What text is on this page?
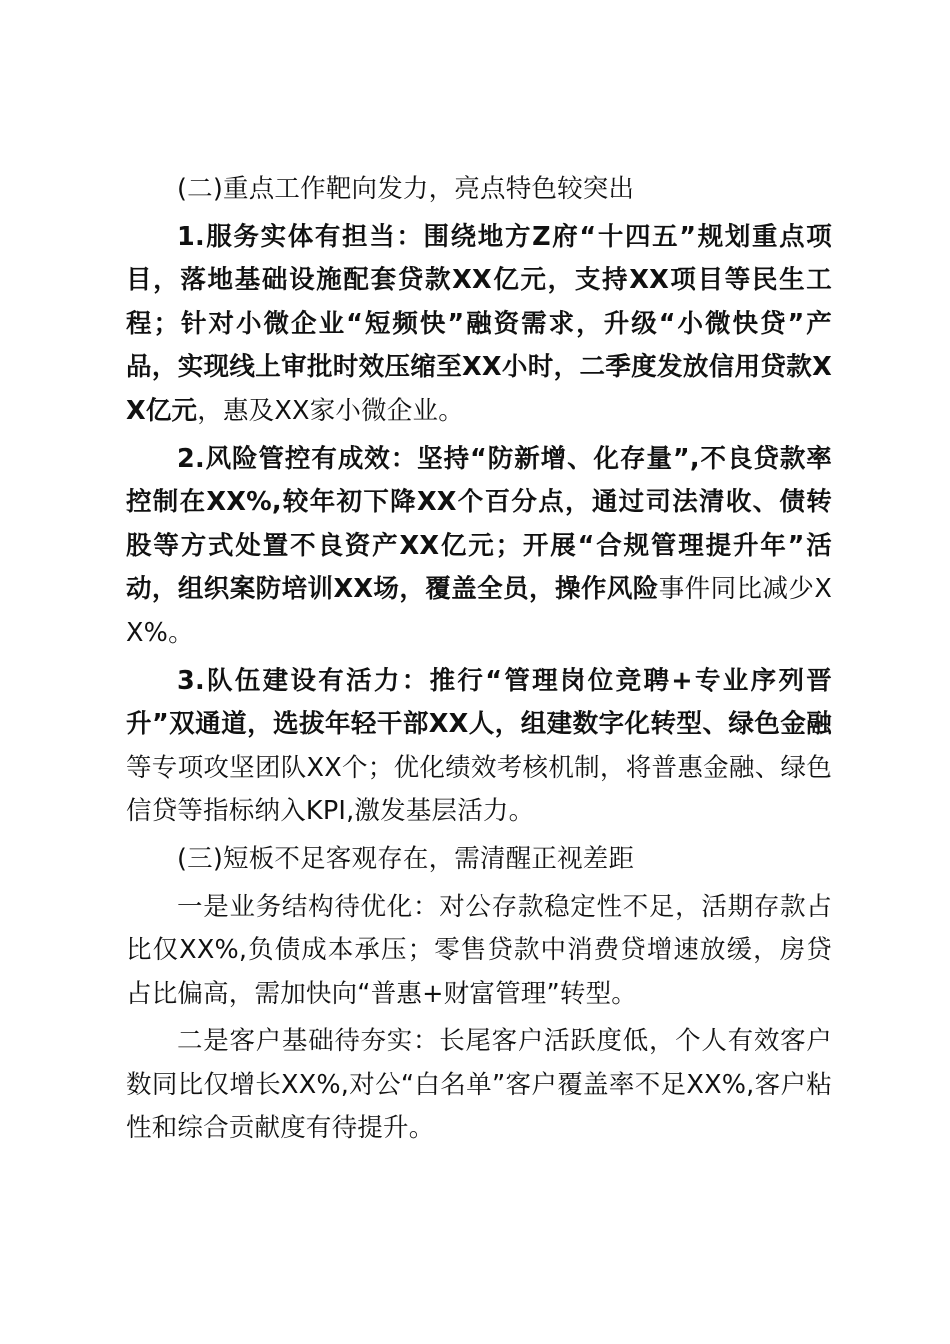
(二)重点工作靶向发力，亮点特色较突出

1.服务实体有担当：围绕地方Z府“十四五”规划重点项目，落地基础设施配套贷款XX亿元，支持XX项目等民生工程；针对小微企业“短频快”融资需求，升级“小微快贷”产品，实现线上审批时效压缩至XX小时，二季度发放信用贷款XX亿元，惠及XX家小微企业。

2.风险管控有成效：坚持“防新增、化存量”,不良贷款率控制在XX%,较年初下降XX个百分点，通过司法清收、债转股等方式处置不良资产XX亿元；开展“合规管理提升年”活动，组织案防培训XX场，覆盖全员，操作风险事件同比减少XX%。

3.队伍建设有活力：推行“管理岗位竞聘+专业序列晋升”双通道，选拔年轻干部XX人，组建数字化转型、绿色金融等专项攻坚团队XX个；优化绩效考核机制，将普惠金融、绿色信贷等指标纳入KPI,激发基层活力。

(三)短板不足客观存在，需清醒正视差距

一是业务结构待优化：对公存款稳定性不足，活期存款占比仅XX%,负债成本承压；零售贷款中消费贷增速放缓，房贷占比偏高，需加快向“普惠+财富管理”转型。

二是客户基础待夯实：长尾客户活跃度低，个人有效客户数同比仅增长XX%,对公“白名单”客户覆盖率不足XX%,客户粘性和综合贡献度有待提升。
